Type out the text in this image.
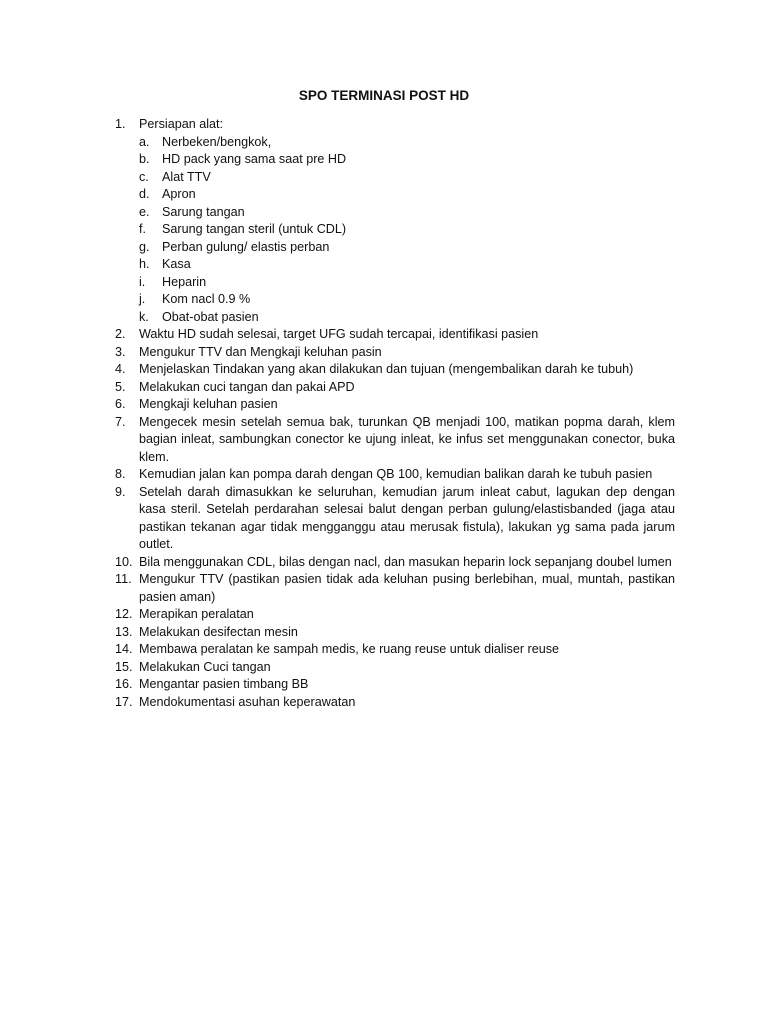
SPO TERMINASI POST HD
1.	Persiapan alat:
a. Nerbeken/bengkok,
b. HD pack yang sama saat pre HD
c.	Alat TTV
d. Apron
e. Sarung tangan
f.	Sarung tangan steril (untuk CDL)
g. Perban gulung/ elastis perban
h. Kasa
i.	Heparin
j.	Kom nacl 0.9 %
k.	Obat-obat pasien
2.	Waktu HD sudah selesai, target UFG sudah tercapai, identifikasi pasien
3.	Mengukur TTV dan Mengkaji keluhan pasin
4.	Menjelaskan Tindakan yang akan dilakukan dan tujuan (mengembalikan darah ke tubuh)
5.	Melakukan cuci tangan dan pakai APD
6.	Mengkaji keluhan pasien
7.	Mengecek mesin setelah semua bak, turunkan QB menjadi 100, matikan popma darah, klem bagian inleat, sambungkan conector ke ujung inleat, ke infus set menggunakan conector, buka klem.
8.	Kemudian jalan kan pompa darah dengan QB 100, kemudian balikan darah ke tubuh pasien
9.	Setelah darah dimasukkan ke seluruhan, kemudian jarum inleat cabut, lagukan dep dengan kasa steril. Setelah perdarahan selesai balut dengan perban gulung/elastisbanded (jaga atau pastikan tekanan agar tidak mengganggu atau merusak fistula), lakukan yg sama pada jarum outlet.
10. Bila menggunakan CDL, bilas dengan nacl, dan masukan heparin lock sepanjang doubel lumen
11. Mengukur TTV (pastikan pasien tidak ada keluhan pusing berlebihan, mual, muntah, pastikan pasien aman)
12. Merapikan peralatan
13. Melakukan desifectan mesin
14. Membawa peralatan ke sampah medis, ke ruang reuse untuk dialiser reuse
15. Melakukan Cuci tangan
16. Mengantar pasien timbang BB
17. Mendokumentasi asuhan keperawatan
